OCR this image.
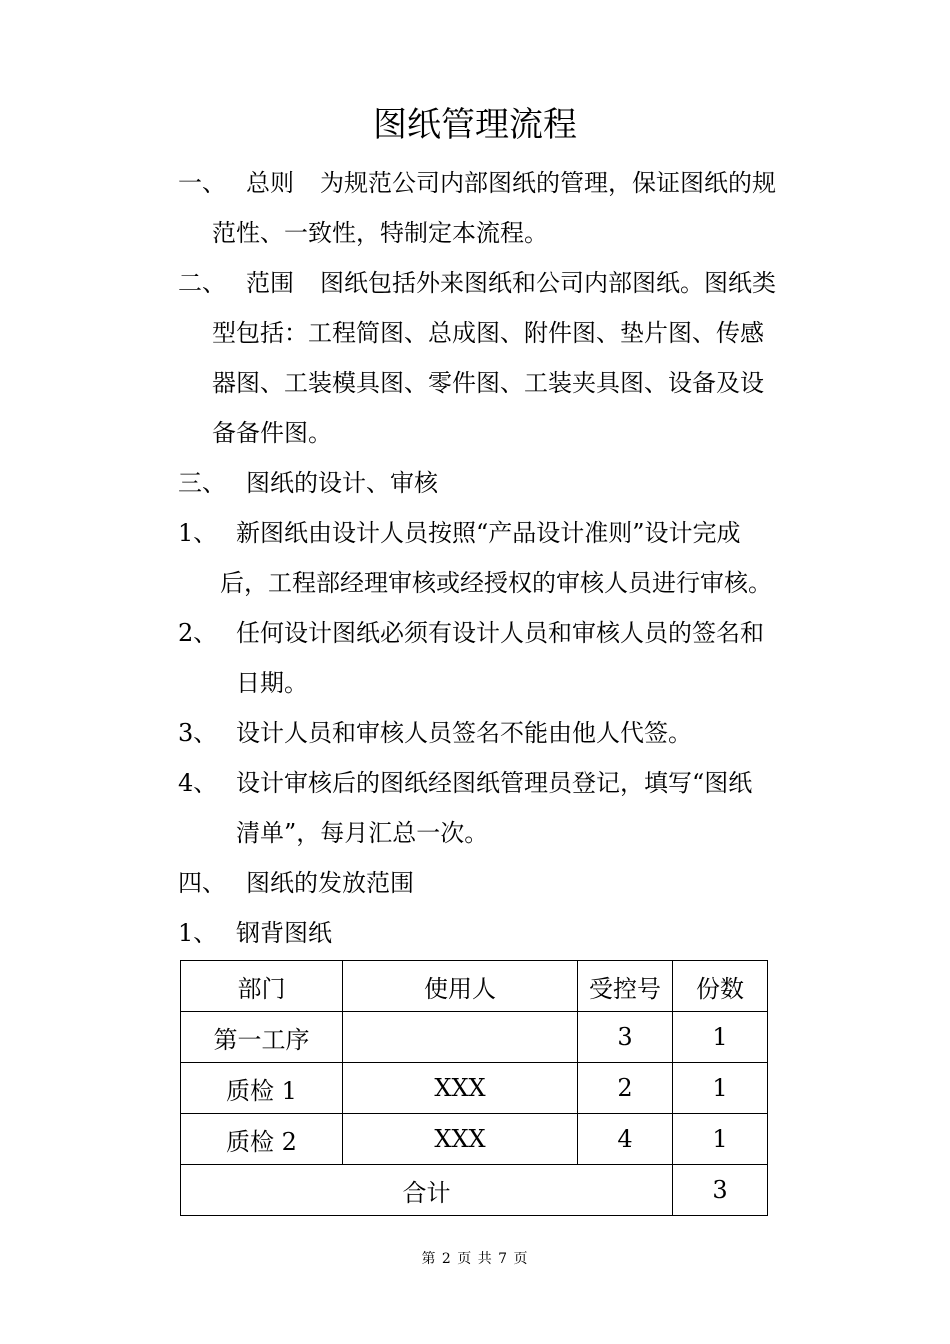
图纸管理流程
一、 总则 为规范公司内部图纸的管理，保证图纸的规
范性、一致性，特制定本流程。
二、 范围 图纸包括外来图纸和公司内部图纸。图纸类
型包括：工程简图、总成图、附件图、垫片图、传感
器图、工装模具图、零件图、工装夹具图、设备及设
备备件图。
三、 图纸的设计、审核
1、 新图纸由设计人员按照“产品设计准则”设计完成
后，工程部经理审核或经授权的审核人员进行审核。
2、 任何设计图纸必须有设计人员和审核人员的签名和
日期。
3、 设计人员和审核人员签名不能由他人代签。
4、 设计审核后的图纸经图纸管理员登记，填写“图纸
清单”，每月汇总一次。
四、 图纸的发放范围
1、 钢背图纸
部门	使用人	受控号	份数
第一工序		3	1
质检 1	XXX	2	1
质检 2	XXX	4	1
合计			3
第 2 页 共 7 页
